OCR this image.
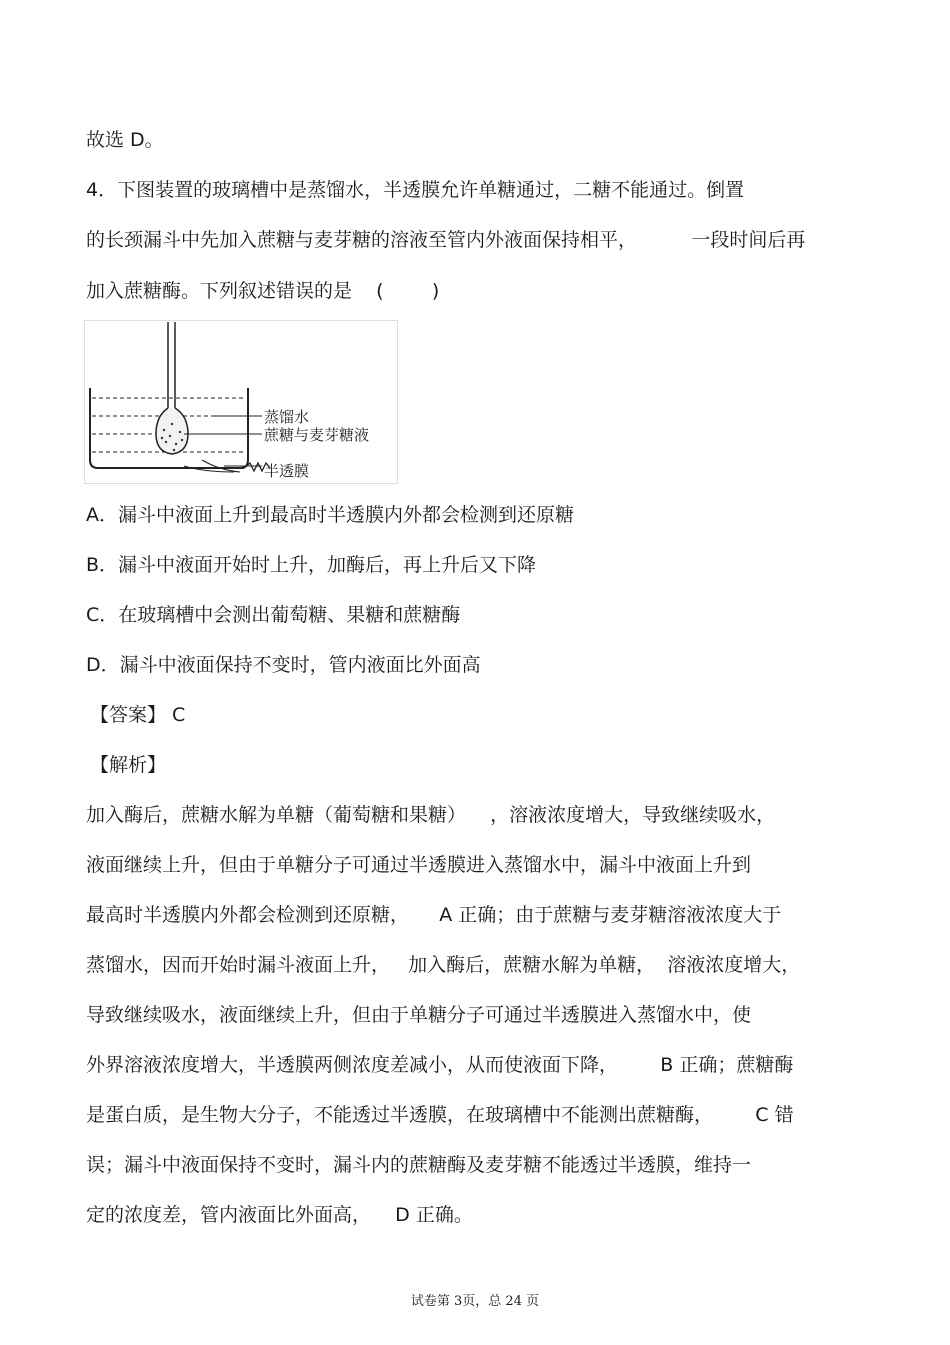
故选 D。
4．下图装置的玻璃槽中是蒸馏水，半透膜允许单糖通过，二糖不能通过。倒置
的长颈漏斗中先加入蔗糖与麦芽糖的溶液至管内外液面保持相平，         一段时间后再
加入蔗糖酶。下列叙述错误的是    (        )
蒸馏水
蔗糖与麦芽糖液
半透膜
A．漏斗中液面上升到最高时半透膜内外都会检测到还原糖
B．漏斗中液面开始时上升，加酶后，再上升后又下降
C．在玻璃槽中会测出葡萄糖、果糖和蔗糖酶
D．漏斗中液面保持不变时，管内液面比外面高
【答案】 C
【解析】
加入酶后，蔗糖水解为单糖（葡萄糖和果糖）    ，溶液浓度增大，导致继续吸水，
液面继续上升，但由于单糖分子可通过半透膜进入蒸馏水中，漏斗中液面上升到
最高时半透膜内外都会检测到还原糖，     A 正确；由于蔗糖与麦芽糖溶液浓度大于
蒸馏水，因而开始时漏斗液面上升，   加入酶后，蔗糖水解为单糖，  溶液浓度增大，
导致继续吸水，液面继续上升，但由于单糖分子可通过半透膜进入蒸馏水中，使
外界溶液浓度增大，半透膜两侧浓度差减小，从而使液面下降，       B 正确；蔗糖酶
是蛋白质，是生物大分子，不能透过半透膜，在玻璃槽中不能测出蔗糖酶，       C 错
误；漏斗中液面保持不变时，漏斗内的蔗糖酶及麦芽糖不能透过半透膜，维持一
定的浓度差，管内液面比外面高，    D 正确。
试卷第 3页，总 24 页
